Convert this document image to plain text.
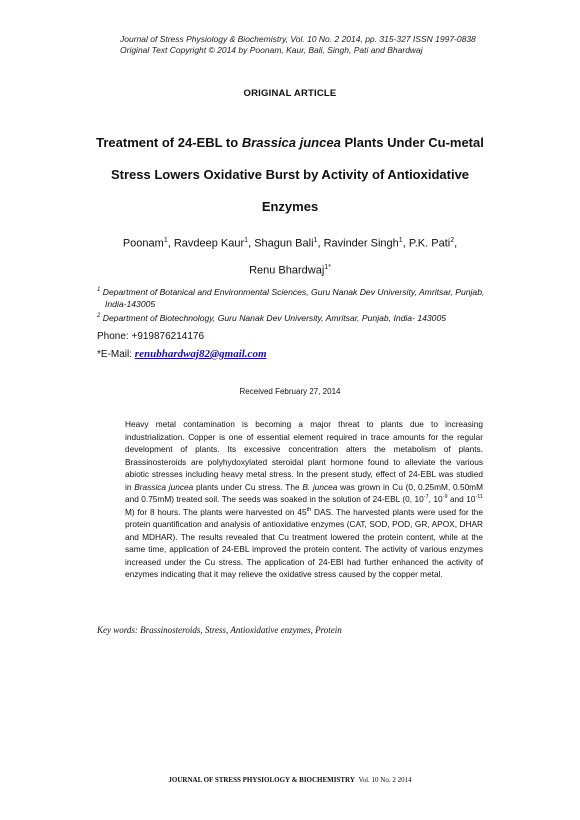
Journal of Stress Physiology & Biochemistry, Vol. 10 No. 2 2014, pp. 315-327 ISSN 1997-0838
Original Text Copyright © 2014 by Poonam, Kaur, Bali, Singh, Pati and Bhardwaj
ORIGINAL ARTICLE
Treatment of 24-EBL to Brassica juncea Plants Under Cu-metal Stress Lowers Oxidative Burst by Activity of Antioxidative Enzymes
Poonam$^1$, Ravdeep Kaur$^1$, Shagun Bali$^1$, Ravinder Singh$^1$, P.K. Pati$^2$,
Renu Bhardwaj$^{1*}$
$^1$ Department of Botanical and Environmental Sciences, Guru Nanak Dev University, Amritsar, Punjab,
India-143005
$^2$ Department of Biotechnology, Guru Nanak Dev University, Amritsar, Punjab, India- 143005
Phone: +919876214176
*E-Mail: renubhardwaj82@gmail.com
Received February 27, 2014
Heavy metal contamination is becoming a major threat to plants due to increasing industrialization. Copper is one of essential element required in trace amounts for the regular development of plants. Its excessive concentration alters the metabolism of plants. Brassinosteroids are polyhydoxylated steroidal plant hormone found to alleviate the various abiotic stresses including heavy metal stress. In the present study, effect of 24-EBL was studied in Brassica juncea plants under Cu stress. The B. juncea was grown in Cu (0, 0.25mM, 0.50mM and 0.75mM) treated soil. The seeds was soaked in the solution of 24-EBL (0, $10^{-7}$, $10^{-9}$ and $10^{-11}$ M) for 8 hours. The plants were harvested on 45th DAS. The harvested plants were used for the protein quantification and analysis of antioxidative enzymes (CAT, SOD, POD, GR, APOX, DHAR and MDHAR). The results revealed that Cu treatment lowered the protein content, while at the same time, application of 24-EBL improved the protein content. The activity of various enzymes increased under the Cu stress. The application of 24-EBl had further enhanced the activity of enzymes indicating that it may relieve the oxidative stress caused by the copper metal.
Key words: Brassinosteroids, Stress, Antioxidative enzymes, Protein
JOURNAL OF STRESS PHYSIOLOGY & BIOCHEMISTRY Vol. 10 No. 2 2014
